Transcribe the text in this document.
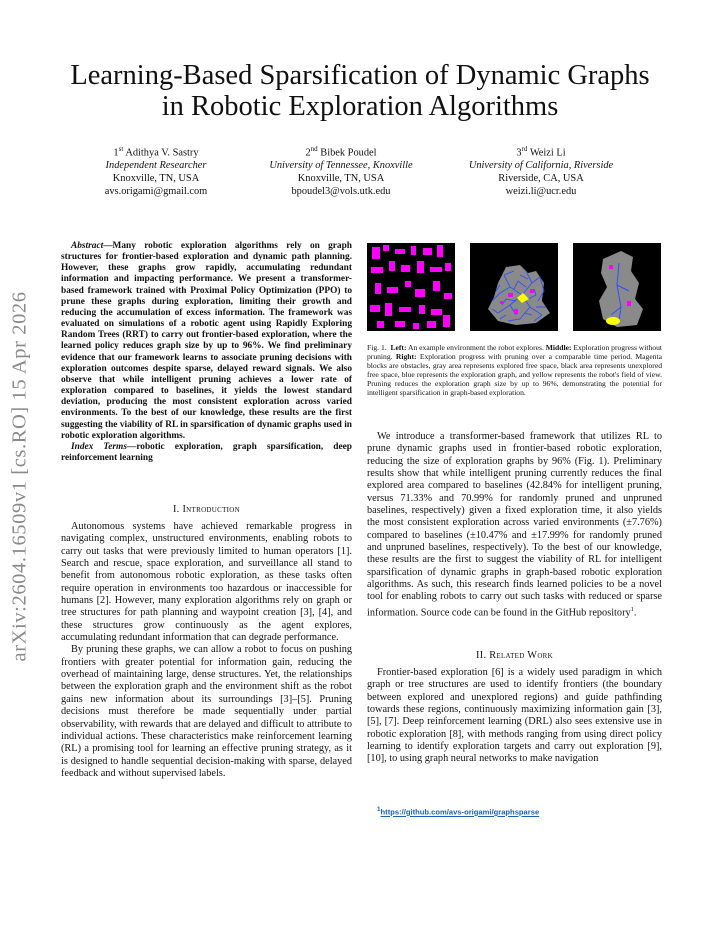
arXiv:2604.16509v1 [cs.RO] 15 Apr 2026
Learning-Based Sparsification of Dynamic Graphs
in Robotic Exploration Algorithms
1st Adithya V. Sastry
Independent Researcher
Knoxville, TN, USA
avs.origami@gmail.com
2nd Bibek Poudel
University of Tennessee, Knoxville
Knoxville, TN, USA
bpoudel3@vols.utk.edu
3rd Weizi Li
University of California, Riverside
Riverside, CA, USA
weizi.li@ucr.edu

Abstract—Many robotic exploration algorithms rely on graph structures for frontier-based exploration and dynamic path planning. However, these graphs grow rapidly, accumulating redundant information and impacting performance. We present a transformer-based framework trained with Proximal Policy Optimization (PPO) to prune these graphs during exploration, limiting their growth and reducing the accumulation of excess information. The framework was evaluated on simulations of a robotic agent using Rapidly Exploring Random Trees (RRT) to carry out frontier-based exploration, where the learned policy reduces graph size by up to 96%. We find preliminary evidence that our framework learns to associate pruning decisions with exploration outcomes despite sparse, delayed reward signals. We also observe that while intelligent pruning achieves a lower rate of exploration compared to baselines, it yields the lowest standard deviation, producing the most consistent exploration across varied environments. To the best of our knowledge, these results are the first suggesting the viability of RL in sparsification of dynamic graphs used in robotic exploration algorithms.

Index Terms—robotic exploration, graph sparsification, deep reinforcement learning

I. Introduction

Autonomous systems have achieved remarkable progress in navigating complex, unstructured environments, enabling robots to carry out tasks that were previously limited to human operators [1]. Search and rescue, space exploration, and surveillance all stand to benefit from autonomous robotic exploration, as these tasks often require operation in environments too hazardous or inaccessible for humans [2]. However, many exploration algorithms rely on graph or tree structures for path planning and waypoint creation [3], [4], and these structures grow continuously as the agent explores, accumulating redundant information that can degrade performance.

By pruning these graphs, we can allow a robot to focus on pushing frontiers with greater potential for information gain, reducing the overhead of maintaining large, dense structures. Yet, the relationships between the exploration graph and the environment shift as the robot gains new information about its surroundings [3]–[5]. Pruning decisions must therefore be made sequentially under partial observability, with rewards that are delayed and difficult to attribute to individual actions. These characteristics make reinforcement learning (RL) a promising tool for learning an effective pruning strategy, as it is designed to handle sequential decision-making with sparse, delayed feedback and without supervised labels.

Fig. 1. Left: An example environment the robot explores. Middle: Exploration progress without pruning. Right: Exploration progress with pruning over a comparable time period. Magenta blocks are obstacles, gray area represents explored free space, black area represents unexplored free space, blue represents the exploration graph, and yellow represents the robot's field of view. Pruning reduces the exploration graph size by up to 96%, demonstrating the potential for intelligent sparsification in graph-based exploration.

We introduce a transformer-based framework that utilizes RL to prune dynamic graphs used in frontier-based robotic exploration, reducing the size of exploration graphs by 96% (Fig. 1). Preliminary results show that while intelligent pruning currently reduces the final explored area compared to baselines (42.84% for intelligent pruning, versus 71.33% and 70.99% for randomly pruned and unpruned baselines, respectively) given a fixed exploration time, it also yields the most consistent exploration across varied environments (±7.76%) compared to baselines (±10.47% and ±17.99% for randomly pruned and unpruned baselines, respectively). To the best of our knowledge, these results are the first to suggest the viability of RL for intelligent sparsification of dynamic graphs in graph-based robotic exploration algorithms. As such, this research finds learned policies to be a novel tool for enabling robots to carry out such tasks with reduced or sparse information. Source code can be found in the GitHub repository$^1$.

II. Related Work

Frontier-based exploration [6] is a widely used paradigm in which graph or tree structures are used to identify frontiers (the boundary between explored and unexplored regions) and guide pathfinding towards these regions, continuously maximizing information gain [3], [5], [7]. Deep reinforcement learning (DRL) also sees extensive use in robotic exploration [8], with methods ranging from using direct policy learning to identify exploration targets and carry out exploration [9], [10], to using graph neural networks to make navigation

$^1$https://github.com/avs-origami/graphsparse
